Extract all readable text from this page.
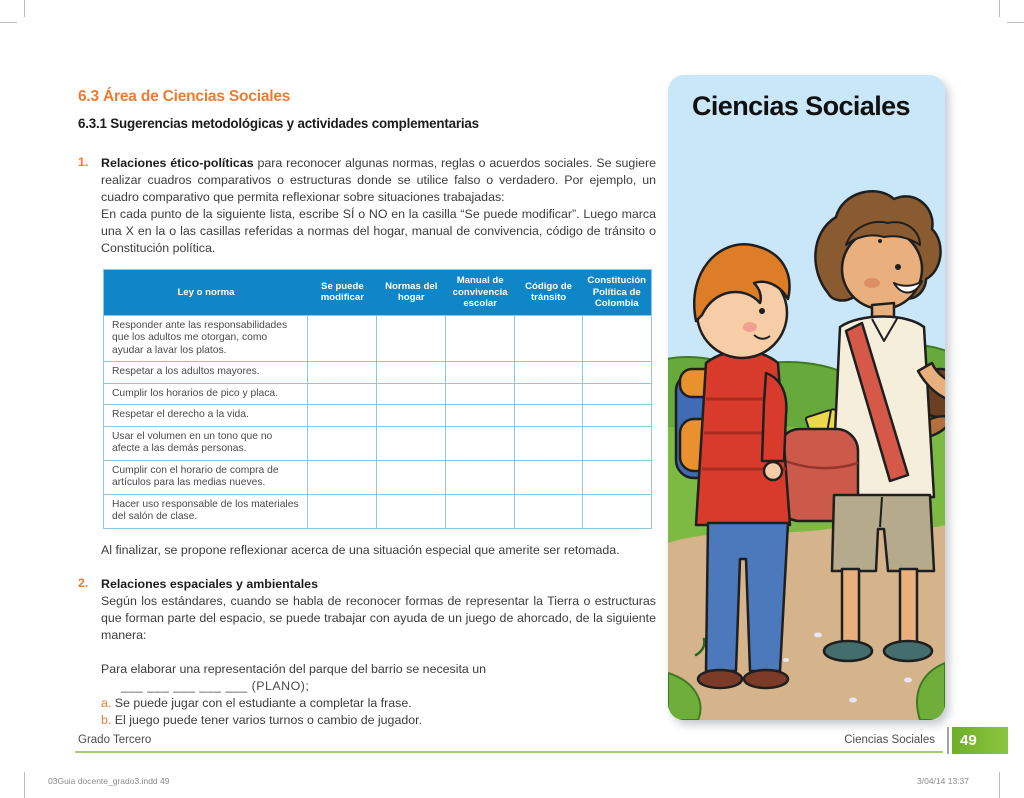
6.3 Área de Ciencias Sociales
6.3.1 Sugerencias metodológicas y actividades complementarias
1.	Relaciones ético-políticas para reconocer algunas normas, reglas o acuerdos sociales. Se sugiere realizar cuadros comparativos o estructuras donde se utilice falso o verdadero. Por ejemplo, un cuadro comparativo que permita reflexionar sobre situaciones trabajadas:

En cada punto de la siguiente lista, escribe SÍ o NO en la casilla “Se puede modificar”. Luego marca una X en la o las casillas referidas a normas del hogar, manual de convivencia, código de tránsito o Constitución política.

Ley o norma	Se puede modificar	Normas del hogar	Manual de convivencia escolar	Código de tránsito	Constitución Política de Colombia
Responder ante las responsabilidades que los adultos me otorgan, como ayudar a lavar los platos.					
Respetar a los adultos mayores.					
Cumplir los horarios de pico y placa.					
Respetar el derecho a la vida.					
Usar el volumen en un tono que no afecte a las demás personas.					
Cumplir con el horario de compra de artículos para las medias nueves.					
Hacer uso responsable de los materiales del salón de clase.					

Al finalizar, se propone reflexionar acerca de una situación especial que amerite ser retomada.

2.	Relaciones espaciales y ambientales

Según los estándares, cuando se habla de reconocer formas de representar la Tierra o estructuras que forman parte del espacio, se puede trabajar con ayuda de un juego de ahorcado, de la siguiente manera:

Para elaborar una representación del parque del barrio se necesita un

___ ___ ___ ___ ___ (PLANO);

a. Se puede jugar con el estudiante a completar la frase.

b. El juego puede tener varios turnos o cambio de jugador.

Ciencias Sociales
Grado Tercero	Ciencias Sociales	49
03Guia docente_grado3.indd 49	3/04/14 13:37
